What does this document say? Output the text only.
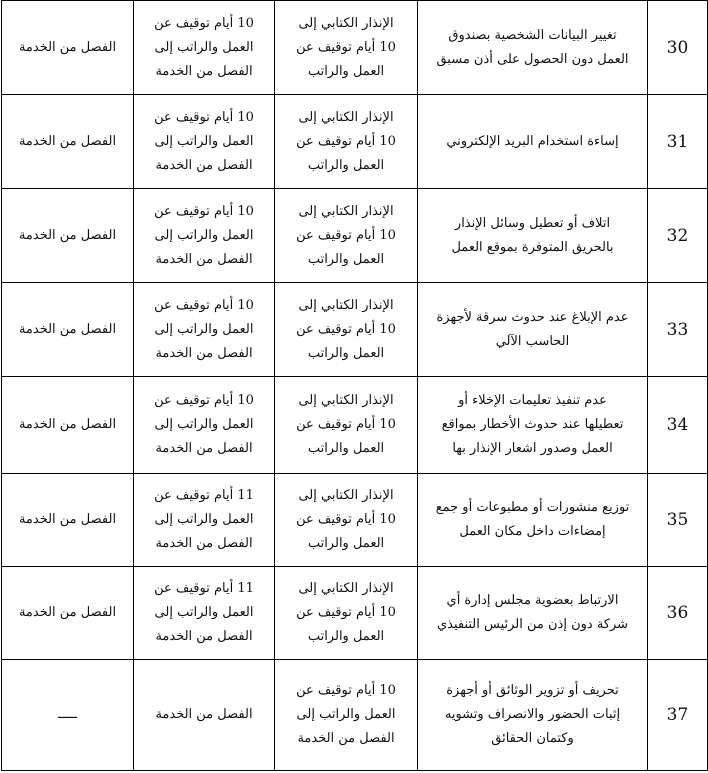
30	تغيير البيانات الشخصية بصندوق
العمل دون الحصول على أذن مسبق	الإنذار الكتابي إلى
10 أيام توقيف عن
العمل والراتب	10 أيام توقيف عن
العمل والراتب إلى
الفصل من الخدمة	الفصل من الخدمة
31	إساءة استخدام البريد الإلكتروني	الإنذار الكتابي إلى
10 أيام توقيف عن
العمل والراتب	10 أيام توقيف عن
العمل والراتب إلى
الفصل من الخدمة	الفصل من الخدمة
32	اتلاف أو تعطيل وسائل الإنذار
بالحريق المتوفرة بموقع العمل	الإنذار الكتابي إلى
10 أيام توقيف عن
العمل والراتب	10 أيام توقيف عن
العمل والراتب إلى
الفصل من الخدمة	الفصل من الخدمة
33	عدم الإبلاغ عند حدوث سرقة لأجهزة
الحاسب الآلي	الإنذار الكتابي إلى
10 أيام توقيف عن
العمل والراتب	10 أيام توقيف عن
العمل والراتب إلى
الفصل من الخدمة	الفصل من الخدمة
34	عدم تنفيذ تعليمات الإخلاء أو
تعطيلها عند حدوث الأخطار بمواقع
العمل وصدور اشعار الإنذار بها	الإنذار الكتابي إلى
10 أيام توقيف عن
العمل والراتب	10 أيام توقيف عن
العمل والراتب إلى
الفصل من الخدمة	الفصل من الخدمة
35	توزيع منشورات أو مطبوعات أو جمع
إمضاءات داخل مكان العمل	الإنذار الكتابي إلى
10 أيام توقيف عن
العمل والراتب	11 أيام توقيف عن
العمل والراتب إلى
الفصل من الخدمة	الفصل من الخدمة
36	الارتباط بعضوية مجلس إدارة أي
شركة دون إذن من الرئيس التنفيذي	الإنذار الكتابي إلى
10 أيام توقيف عن
العمل والراتب	11 أيام توقيف عن
العمل والراتب إلى
الفصل من الخدمة	الفصل من الخدمة
37	تحريف أو تزوير الوثائق أو أجهزة
إثبات الحضور والانصراف وتشويه
وكتمان الحقائق	10 أيام توقيف عن
العمل والراتب إلى
الفصل من الخدمة	الفصل من الخدمة	ـــــ
